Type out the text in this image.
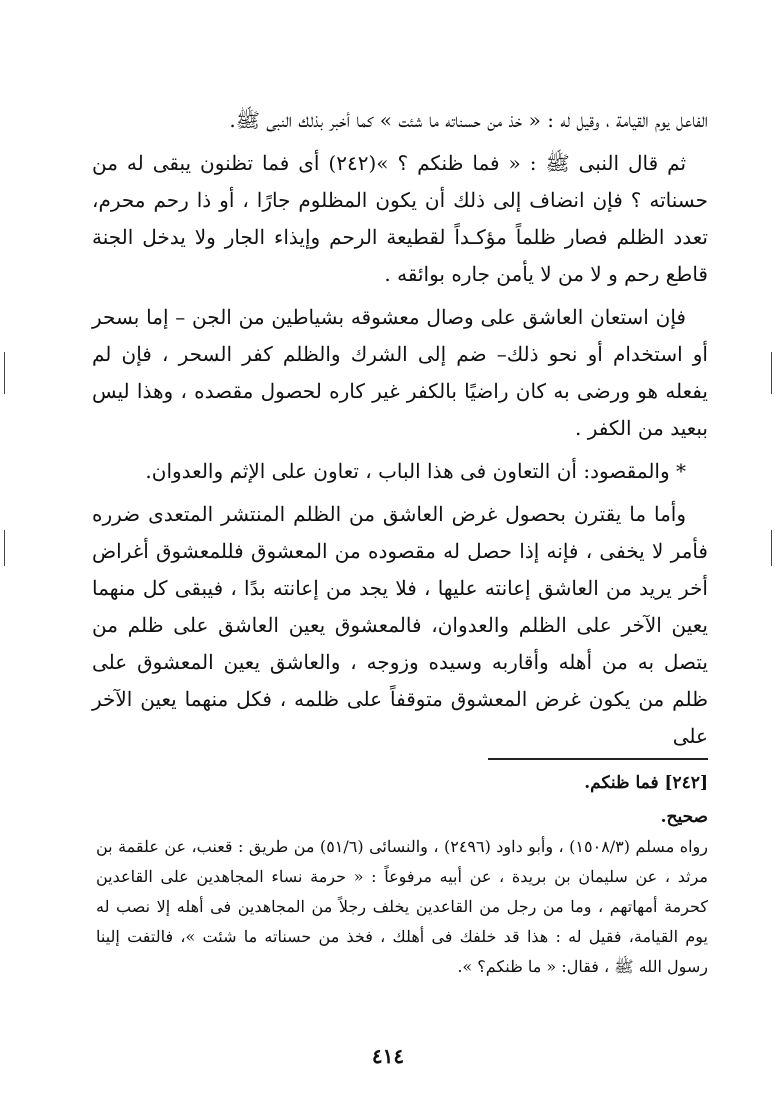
الفاعل يوم القيامة ، وقيل له : « خذ من حسناته ما شئت » كما أخبر بذلك النبى ﷺ.

ثم قال النبى ﷺ : « فما ظنكم ؟ »(٢٤٢) أى فما تظنون يبقى له من حسناته ؟ فإن انضاف إلى ذلك أن يكون المظلوم جارًا ، أو ذا رحم محرم، تعدد الظلم فصار ظلماً مؤكـداً لقطيعة الرحم وإيذاء الجار ولا يدخل الجنة قاطع رحم و لا من لا يأمن جاره بوائقه .

فإن استعان العاشق على وصال معشوقه بشياطين من الجن – إما بسحر أو استخدام أو نحو ذلك– ضم إلى الشرك والظلم كفر السحر ، فإن لم يفعله هو ورضى به كان راضيًا بالكفر غير كاره لحصول مقصده ، وهذا ليس ببعيد من الكفر .

* والمقصود: أن التعاون فى هذا الباب ، تعاون على الإثم والعدوان.

وأما ما يقترن بحصول غرض العاشق من الظلم المنتشر المتعدى ضرره فأمر لا يخفى ، فإنه إذا حصل له مقصوده من المعشوق فللمعشوق أغراض أخر يريد من العاشق إعانته عليها ، فلا يجد من إعانته بدًا ، فيبقى كل منهما يعين الآخر على الظلم والعدوان، فالمعشوق يعين العاشق على ظلم من يتصل به من أهله وأقاربه وسيده وزوجه ، والعاشق يعين المعشوق على ظلم من يكون غرض المعشوق متوقفاً على ظلمه ، فكل منهما يعين الآخر على

[٢٤٢] فما ظنكم.

صحيح.

رواه مسلم (١٥٠٨/٣) ، وأبو داود (٢٤٩٦) ، والنسائى (٥١/٦) من طريق : قعنب، عن علقمة بن مرثد ، عن سليمان بن بريدة ، عن أبيه مرفوعاً : « حرمة نساء المجاهدين على القاعدين كحرمة أمهاتهم ، وما من رجل من القاعدين يخلف رجلاً من المجاهدين فى أهله إلا نصب له يوم القيامة، فقيل له : هذا قد خلفك فى أهلك ، فخذ من حسناته ما شئت »، فالتفت إلينا رسول الله ﷺ ، فقال: « ما ظنكم؟ ».

٤١٤
